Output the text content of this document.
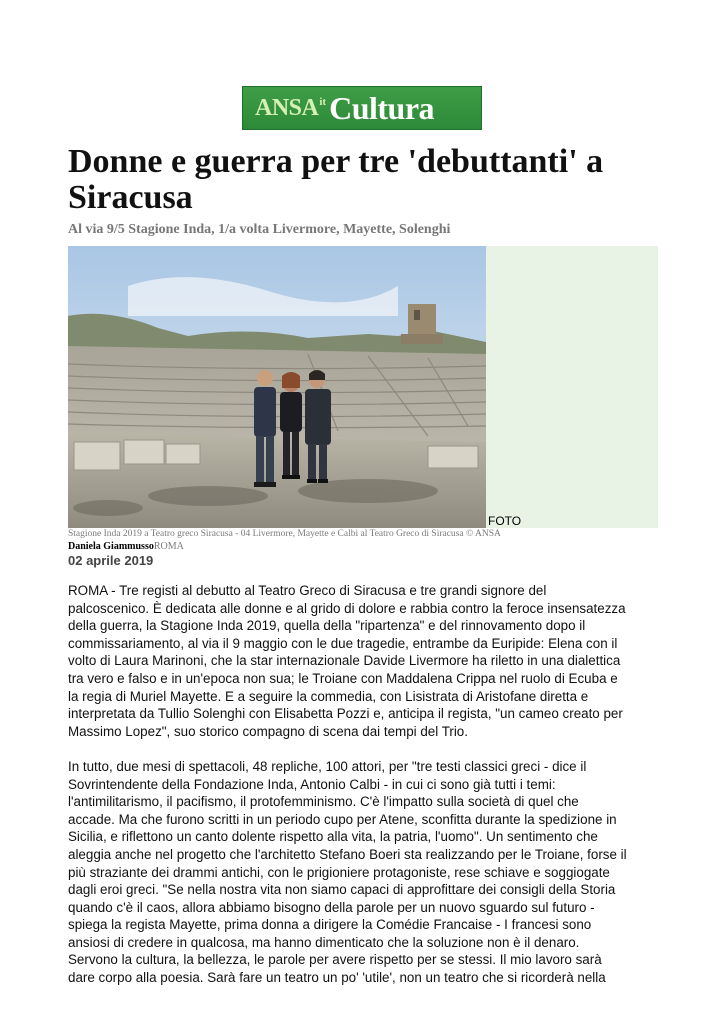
ANSA it Cultura
Donne e guerra per tre 'debuttanti' a Siracusa
Al via 9/5 Stagione Inda, 1/a volta Livermore, Mayette, Solenghi
FOTO
Stagione Inda 2019 a Teatro greco Siracusa - 04 Livermore, Mayette e Calbi al Teatro Greco di Siracusa © ANSA
Daniela GiammussoROMA
02 aprile 2019
ROMA - Tre registi al debutto al Teatro Greco di Siracusa e tre grandi signore del
palcoscenico. È dedicata alle donne e al grido di dolore e rabbia contro la feroce insensatezza
della guerra, la Stagione Inda 2019, quella della "ripartenza" e del rinnovamento dopo il
commissariamento, al via il 9 maggio con le due tragedie, entrambe da Euripide: Elena con il
volto di Laura Marinoni, che la star internazionale Davide Livermore ha riletto in una dialettica
tra vero e falso e in un'epoca non sua; le Troiane con Maddalena Crippa nel ruolo di Ecuba e
la regia di Muriel Mayette. E a seguire la commedia, con Lisistrata di Aristofane diretta e
interpretata da Tullio Solenghi con Elisabetta Pozzi e, anticipa il regista, "un cameo creato per
Massimo Lopez", suo storico compagno di scena dai tempi del Trio.
In tutto, due mesi di spettacoli, 48 repliche, 100 attori, per "tre testi classici greci - dice il
Sovrintendente della Fondazione Inda, Antonio Calbi - in cui ci sono già tutti i temi:
l'antimilitarismo, il pacifismo, il protofemminismo. C'è l'impatto sulla società di quel che
accade. Ma che furono scritti in un periodo cupo per Atene, sconfitta durante la spedizione in
Sicilia, e riflettono un canto dolente rispetto alla vita, la patria, l'uomo". Un sentimento che
aleggia anche nel progetto che l'architetto Stefano Boeri sta realizzando per le Troiane, forse il
più straziante dei drammi antichi, con le prigioniere protagoniste, rese schiave e soggiogate
dagli eroi greci. "Se nella nostra vita non siamo capaci di approfittare dei consigli della Storia
quando c'è il caos, allora abbiamo bisogno della parole per un nuovo sguardo sul futuro -
spiega la regista Mayette, prima donna a dirigere la Comédie Francaise - I francesi sono
ansiosi di credere in qualcosa, ma hanno dimenticato che la soluzione non è il denaro.
Servono la cultura, la bellezza, le parole per avere rispetto per se stessi. Il mio lavoro sarà
dare corpo alla poesia. Sarà fare un teatro un po' 'utile', non un teatro che si ricorderà nella
